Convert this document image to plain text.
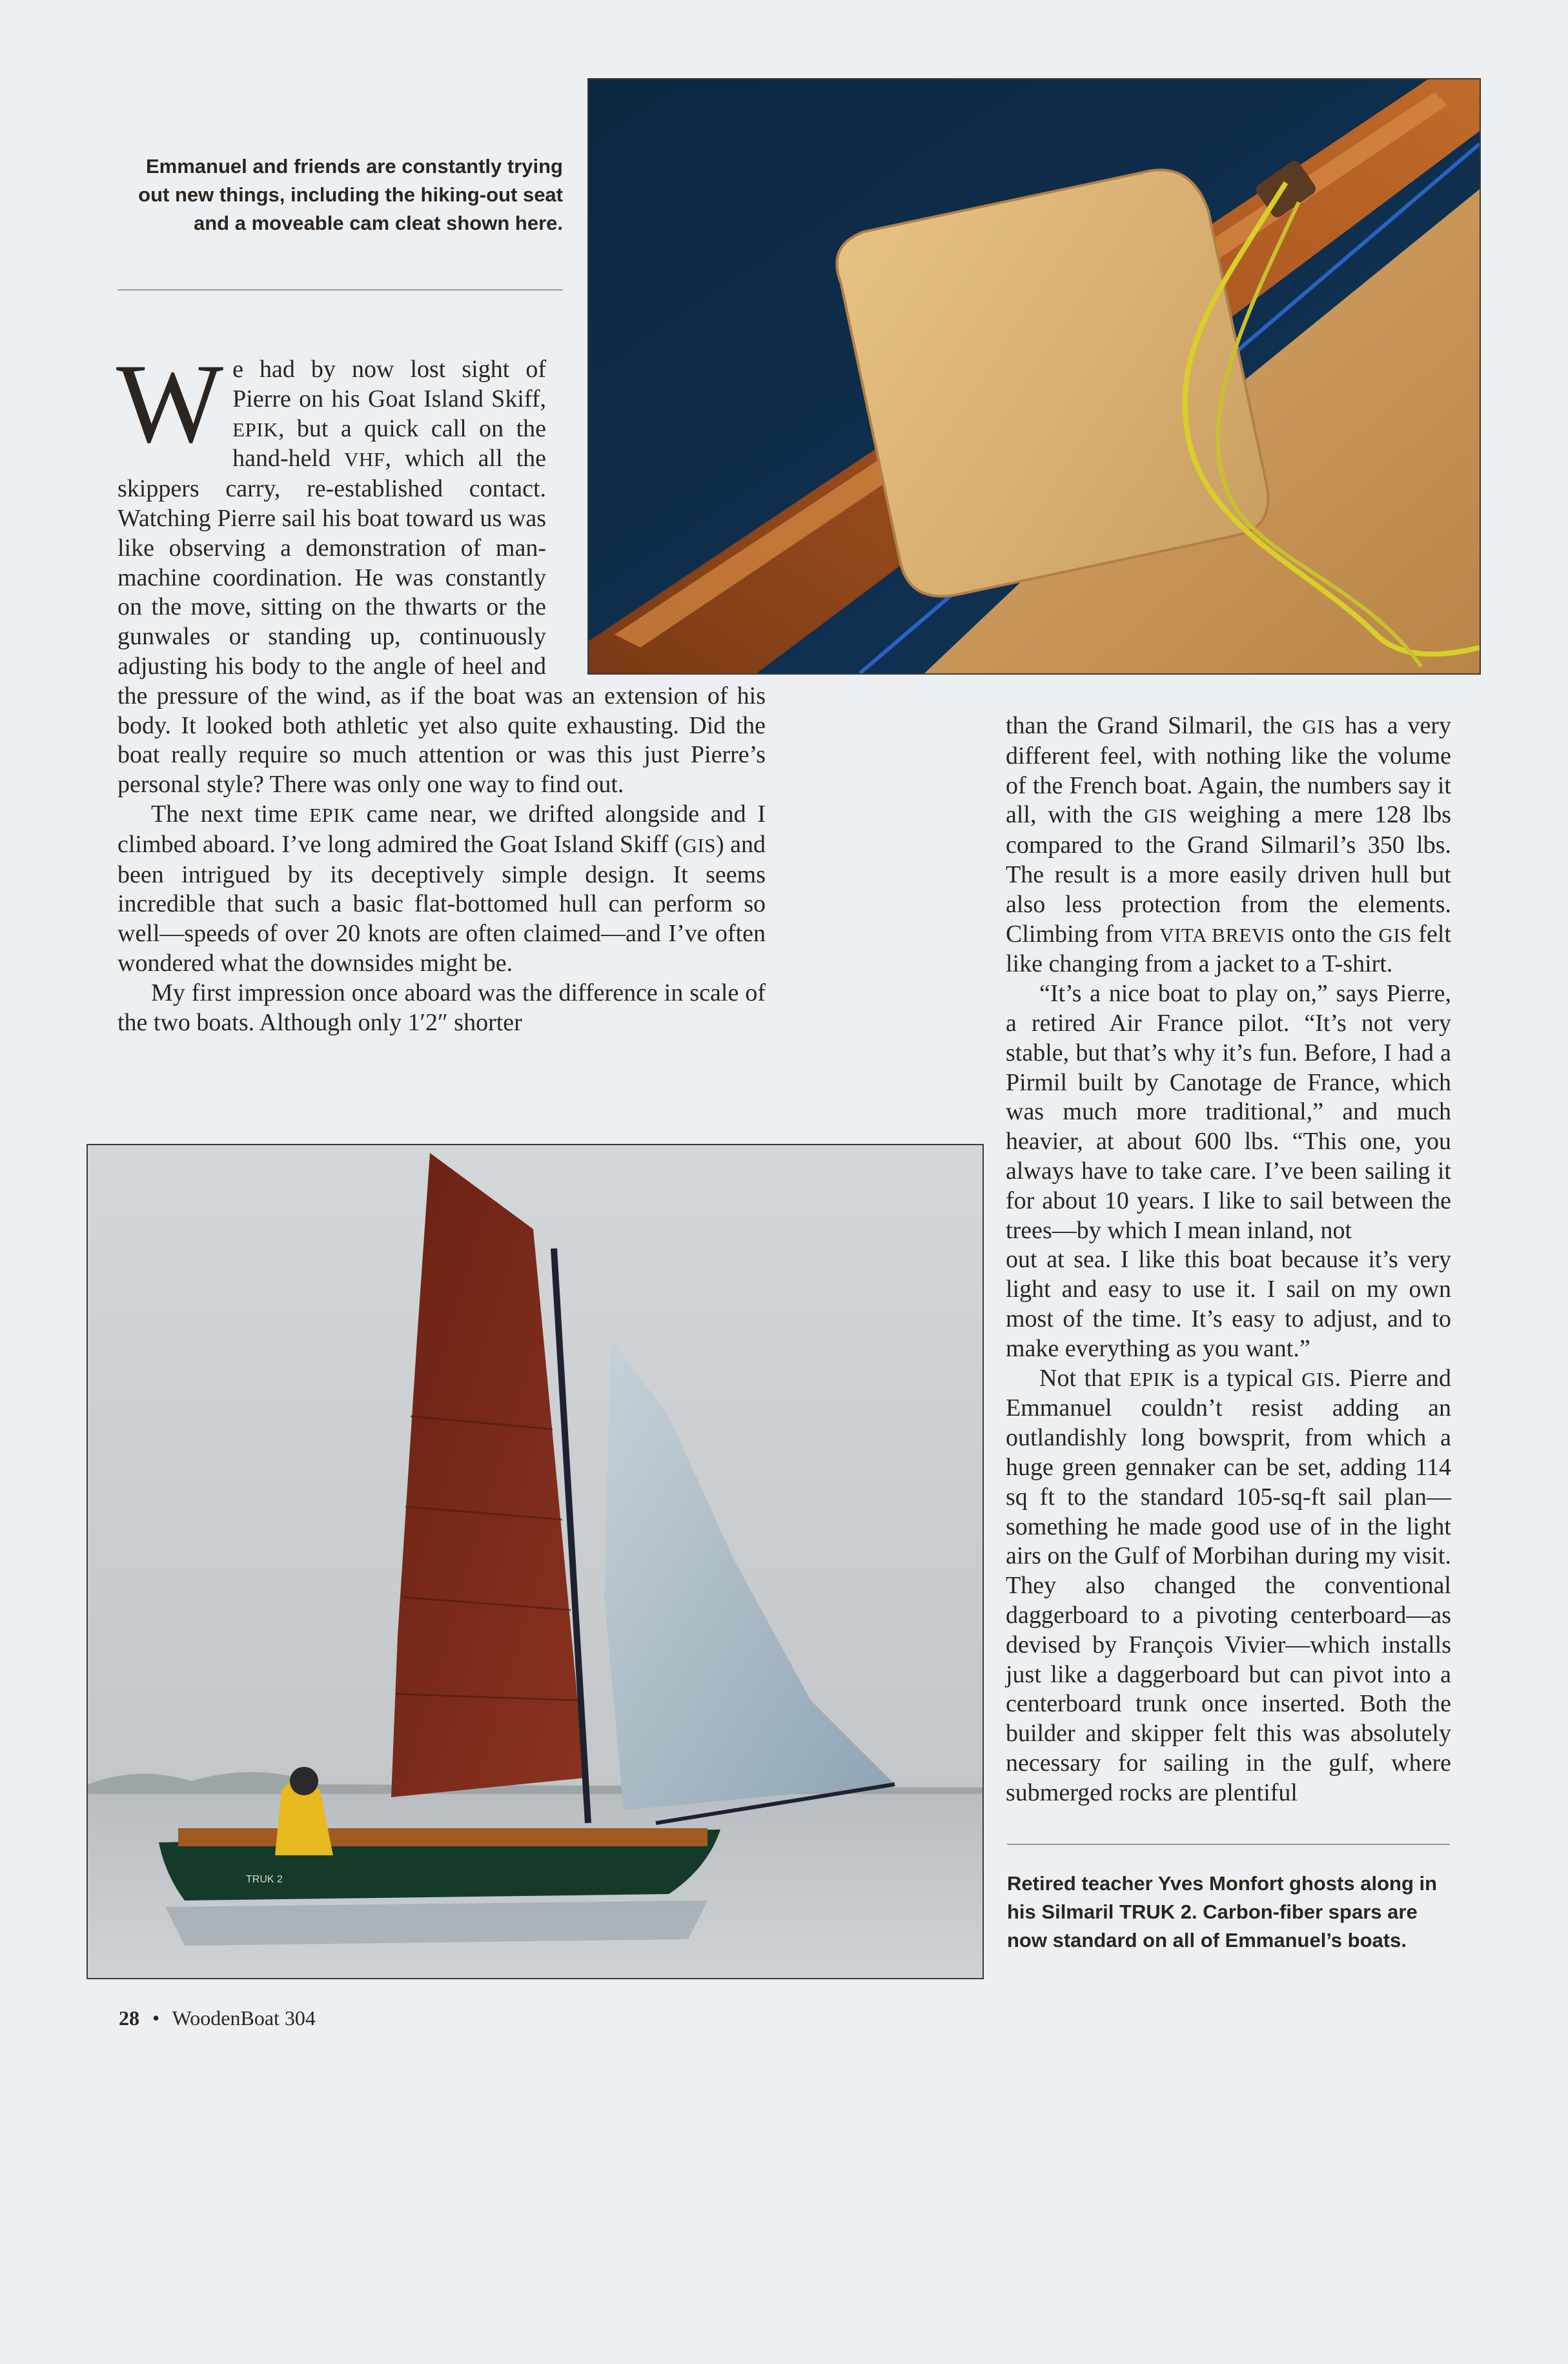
Emmanuel and friends are constantly trying out new things, including the hiking-out seat and a moveable cam cleat shown here.

We had by now lost sight of Pierre on his Goat Island Skiff, EPIK, but a quick call on the hand-held VHF, which all the skippers carry, re-established contact. Watching Pierre sail his boat toward us was like observing a demonstration of man-machine coordination. He was constantly on the move, sitting on the thwarts or the gunwales or standing up, continuously adjusting his body to the angle of heel and the pressure of the wind, as if the boat was an extension of his body. It looked both athletic yet also quite exhausting. Did the boat really require so much attention or was this just Pierre’s personal style? There was only one way to find out.

The next time EPIK came near, we drifted alongside and I climbed aboard. I’ve long admired the Goat Island Skiff (GIS) and been intrigued by its deceptively simple design. It seems incredible that such a basic flat-bottomed hull can perform so well—speeds of over 20 knots are often claimed—and I’ve often wondered what the downsides might be.

My first impression once aboard was the difference in scale of the two boats. Although only 1′2″ shorter

than the Grand Silmaril, the GIS has a very different feel, with nothing like the volume of the French boat. Again, the numbers say it all, with the GIS weighing a mere 128 lbs compared to the Grand Silmaril’s 350 lbs. The result is a more easily driven hull but also less protection from the elements. Climbing from VITA BREVIS onto the GIS felt like changing from a jacket to a T-shirt.

“It’s a nice boat to play on,” says Pierre, a retired Air France pilot. “It’s not very stable, but that’s why it’s fun. Before, I had a Pirmil built by Canotage de France, which was much more traditional,” and much heavier, at about 600 lbs. “This one, you always have to take care. I’ve been sailing it for about 10 years. I like to sail between the trees—by which I mean inland, not

out at sea. I like this boat because it’s very light and easy to use it. I sail on my own most of the time. It’s easy to adjust, and to make everything as you want.”

Not that EPIK is a typical GIS. Pierre and Emmanuel couldn’t resist adding an outlandishly long bowsprit, from which a huge green gennaker can be set, adding 114 sq ft to the standard 105-sq-ft sail plan—something he made good use of in the light airs on the Gulf of Morbihan during my visit. They also changed the conventional daggerboard to a pivoting centerboard—as devised by François Vivier—which installs just like a daggerboard but can pivot into a centerboard trunk once inserted. Both the builder and skipper felt this was absolutely necessary for sailing in the gulf, where submerged rocks are plentiful

TRUK 2	Retired teacher Yves Monfort ghosts along in his Silmaril TRUK 2. Carbon-fiber spars are now standard on all of Emmanuel’s boats.
28 • WoodenBoat 304
